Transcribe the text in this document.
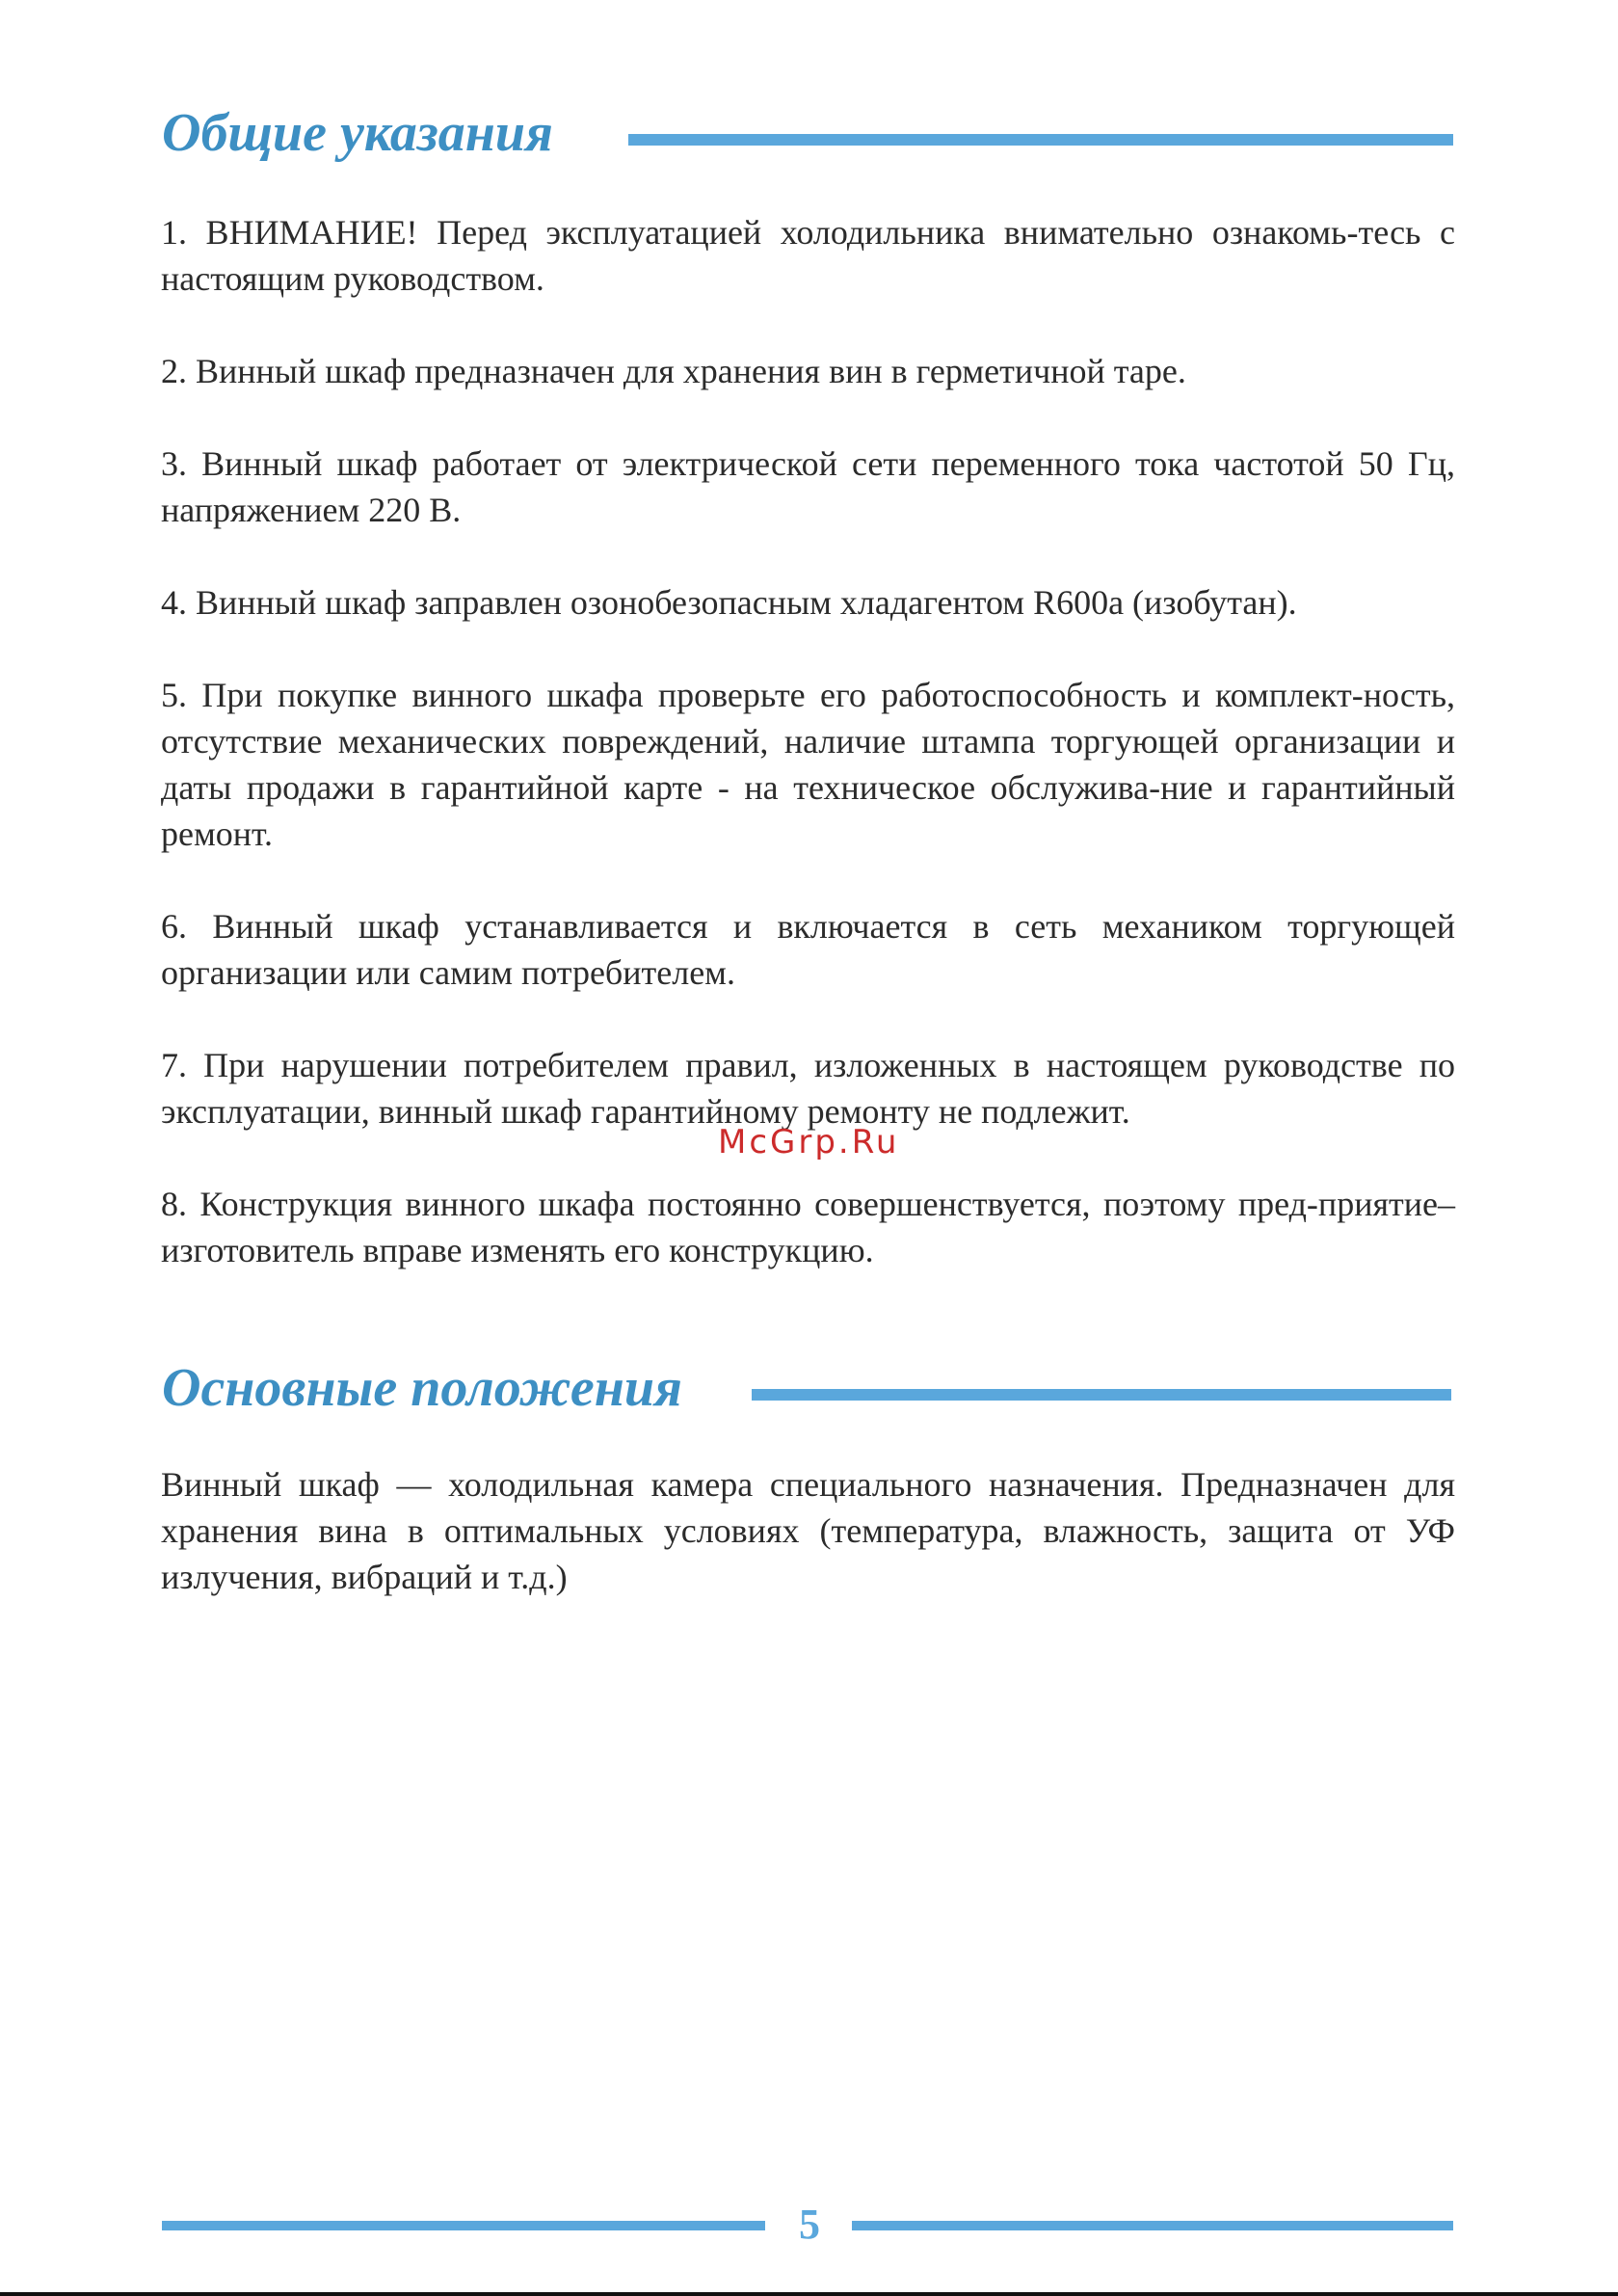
Общие указания

1. ВНИМАНИЕ! Перед эксплуатацией холодильника внимательно ознакомь-тесь с настоящим руководством.

2. Винный шкаф предназначен для хранения вин в герметичной таре.

3. Винный шкаф работает от электрической сети переменного тока частотой 50 Гц, напряжением 220 В.

4. Винный шкаф заправлен озонобезопасным хладагентом R600a (изобутан).

5. При покупке винного шкафа проверьте его работоспособность и комплект-ность, отсутствие механических повреждений, наличие штампа торгующей организации и даты продажи в гарантийной карте - на техническое обслужива-ние и гарантийный ремонт.

6. Винный шкаф устанавливается и включается в сеть механиком торгующей организации или самим потребителем.

7. При нарушении потребителем правил, изложенных в настоящем руководстве по эксплуатации, винный шкаф гарантийному ремонту не подлежит.

8. Конструкция винного шкафа постоянно совершенствуется, поэтому пред-приятие–изготовитель вправе изменять его конструкцию.

McGrp.Ru
Основные положения

Винный шкаф — холодильная камера специального назначения. Предназначен для хранения вина в оптимальных условиях (температура, влажность, защита от УФ излучения, вибраций и т.д.)

5
